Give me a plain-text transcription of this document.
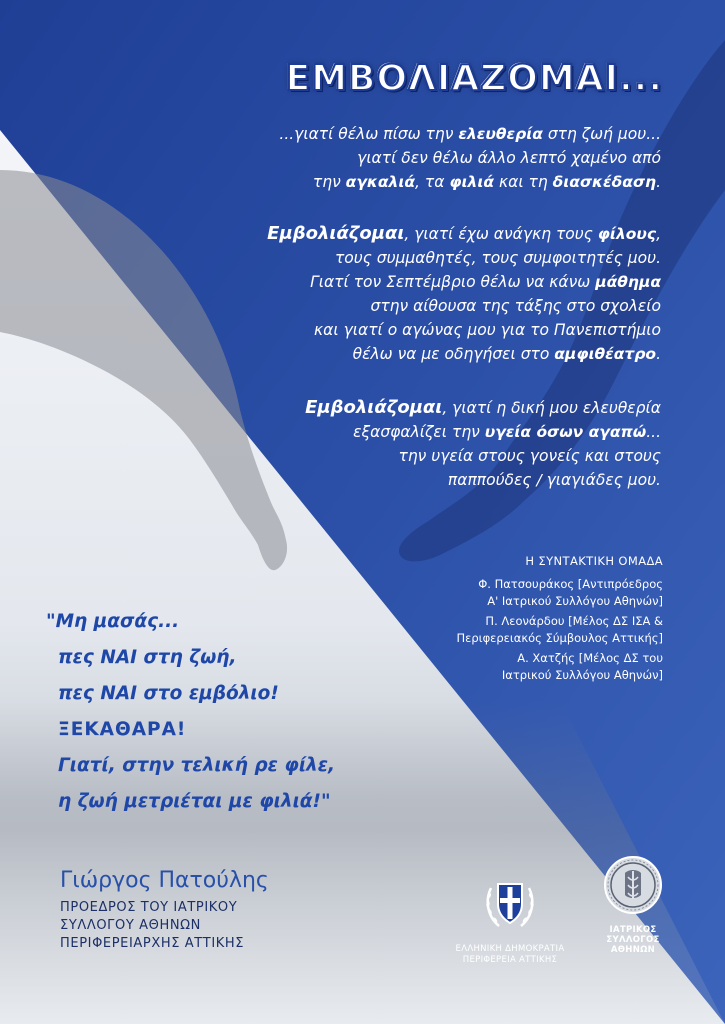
ΕΜΒΟΛΙΑΖΟΜΑΙ...

...γιατί θέλω πίσω την ελευθερία στη ζωή μου...

γιατί δεν θέλω άλλο λεπτό χαμένο από

την αγκαλιά, τα φιλιά και τη διασκέδαση.

Εμβολιάζομαι, γιατί έχω ανάγκη τους φίλους,

τους συμμαθητές, τους συμφοιτητές μου.

Γιατί τον Σεπτέμβριο θέλω να κάνω μάθημα

στην αίθουσα της τάξης στο σχολείο

και γιατί ο αγώνας μου για το Πανεπιστήμιο

θέλω να με οδηγήσει στο αμφιθέατρο.

Εμβολιάζομαι, γιατί η δική μου ελευθερία

εξασφαλίζει την υγεία όσων αγαπώ...

την υγεία στους γονείς και στους

παππούδες / γιαγιάδες μου.

Η ΣΥΝΤΑΚΤΙΚΗ ΟΜΑΔΑ
Φ. Πατσουράκος [Αντιπρόεδρος
Α' Ιατρικού Συλλόγου Αθηνών]
Π. Λεονάρδου [Μέλος ΔΣ ΙΣΑ &
Περιφερειακός Σύμβουλος Αττικής]
Α. Χατζής [Μέλος ΔΣ του
Ιατρικού Συλλόγου Αθηνών]
"Μη μασάς...
πες ΝΑΙ στη ζωή,
πες ΝΑΙ στο εμβόλιο!
ΞΕΚΑΘΑΡΑ!
Γιατί, στην τελική ρε φίλε,
η ζωή μετριέται με φιλιά!"
Γιώργος Πατούλης
ΠΡΟΕΔΡΟΣ ΤΟΥ ΙΑΤΡΙΚΟΥ
ΣΥΛΛΟΓΟΥ ΑΘΗΝΩΝ
ΠΕΡΙΦΕΡΕΙΑΡΧΗΣ ΑΤΤΙΚΗΣ	ΕΛΛΗΝΙΚΗ ΔΗΜΟΚΡΑΤΙΑ
ΠΕΡΙΦΕΡΕΙΑ ΑΤΤΙΚΗΣ
ΙΑΤΡΙΚΟΣ
ΣΥΛΛΟΓΟΣ
ΑΘΗΝΩΝ
